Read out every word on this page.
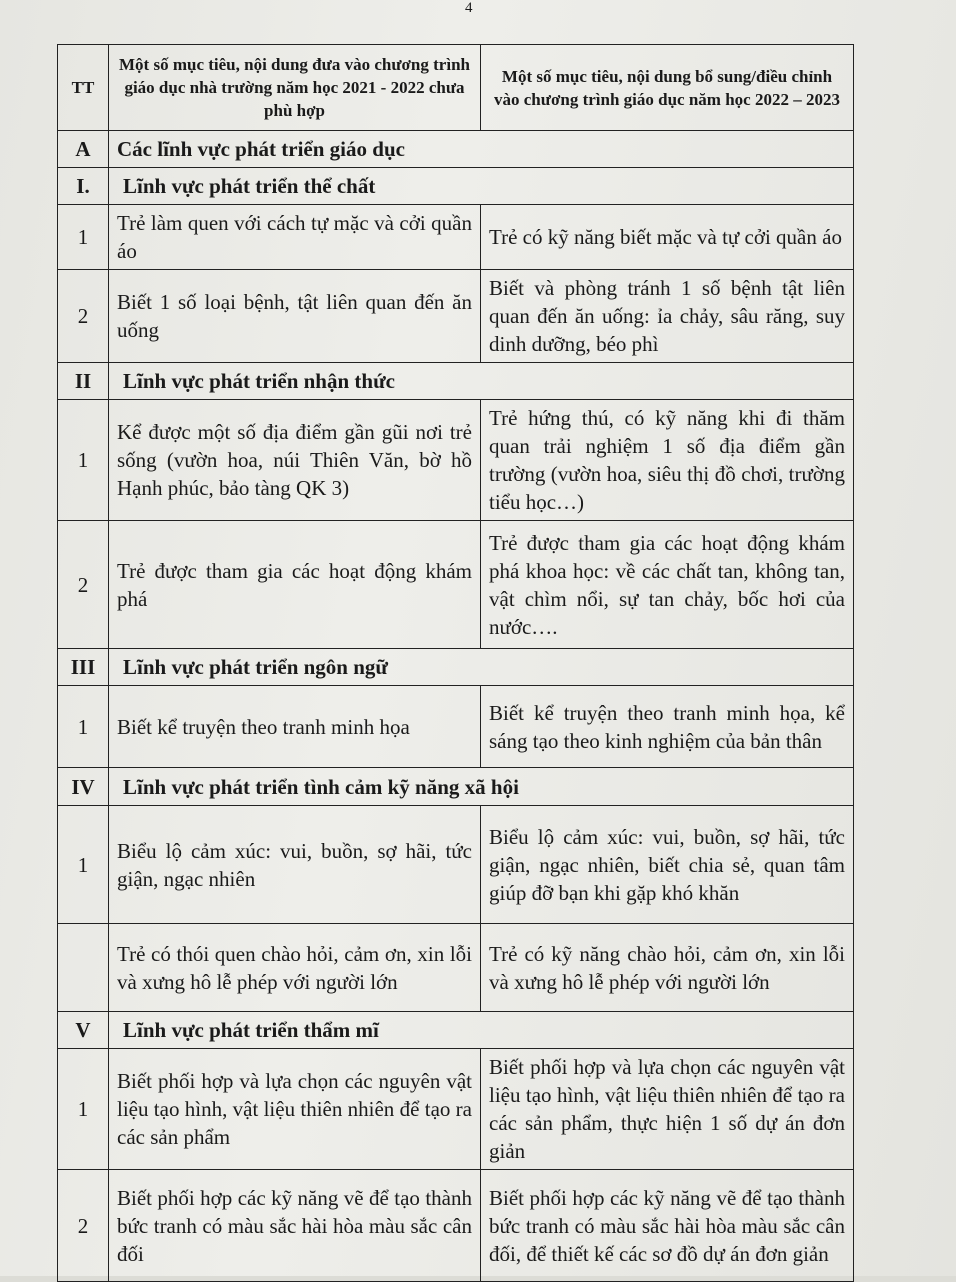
4
TT	Một số mục tiêu, nội dung đưa vào chương trình giáo dục nhà trường năm học 2021 - 2022 chưa phù hợp	Một số mục tiêu, nội dung bổ sung/điều chỉnh vào chương trình giáo dục năm học 2022 – 2023
A	Các lĩnh vực phát triển giáo dục	
I.	Lĩnh vực phát triển thể chất	
1	Trẻ làm quen với cách tự mặc và cởi quần áo	Trẻ có kỹ năng biết mặc và tự cởi quần áo
2	Biết 1 số loại bệnh, tật liên quan đến ăn uống	Biết và phòng tránh 1 số bệnh tật liên quan đến ăn uống: ỉa chảy, sâu răng, suy dinh dưỡng, béo phì
II	Lĩnh vực phát triển nhận thức	
1	Kể được một số địa điểm gần gũi nơi trẻ sống (vườn hoa, núi Thiên Văn, bờ hồ Hạnh phúc, bảo tàng QK 3)	Trẻ hứng thú, có kỹ năng khi đi thăm quan trải nghiệm 1 số địa điểm gần trường (vườn hoa, siêu thị đồ chơi, trường tiểu học…)
2	Trẻ được tham gia các hoạt động khám phá	Trẻ được tham gia các hoạt động khám phá khoa học: về các chất tan, không tan, vật chìm nổi, sự tan chảy, bốc hơi của nước….
III	Lĩnh vực phát triển ngôn ngữ	
1	Biết kể truyện theo tranh minh họa	Biết kể truyện theo tranh minh họa, kể sáng tạo theo kinh nghiệm của bản thân
IV	Lĩnh vực phát triển tình cảm kỹ năng xã hội	
1	Biểu lộ cảm xúc: vui, buồn, sợ hãi, tức giận, ngạc nhiên	Biểu lộ cảm xúc: vui, buồn, sợ hãi, tức giận, ngạc nhiên, biết chia sẻ, quan tâm giúp đỡ bạn khi gặp khó khăn
	Trẻ có thói quen chào hỏi, cảm ơn, xin lỗi và xưng hô lễ phép với người lớn	Trẻ có kỹ năng chào hỏi, cảm ơn, xin lỗi và xưng hô lễ phép với người lớn
V	Lĩnh vực phát triển thẩm mĩ	
1	Biết phối hợp và lựa chọn các nguyên vật liệu tạo hình, vật liệu thiên nhiên để tạo ra các sản phẩm	Biết phối hợp và lựa chọn các nguyên vật liệu tạo hình, vật liệu thiên nhiên để tạo ra các sản phẩm, thực hiện 1 số dự án đơn giản
2	Biết phối hợp các kỹ năng vẽ để tạo thành bức tranh có màu sắc hài hòa màu sắc cân đối	Biết phối hợp các kỹ năng vẽ để tạo thành bức tranh có màu sắc hài hòa màu sắc cân đối, để thiết kế các sơ đồ dự án đơn giản
